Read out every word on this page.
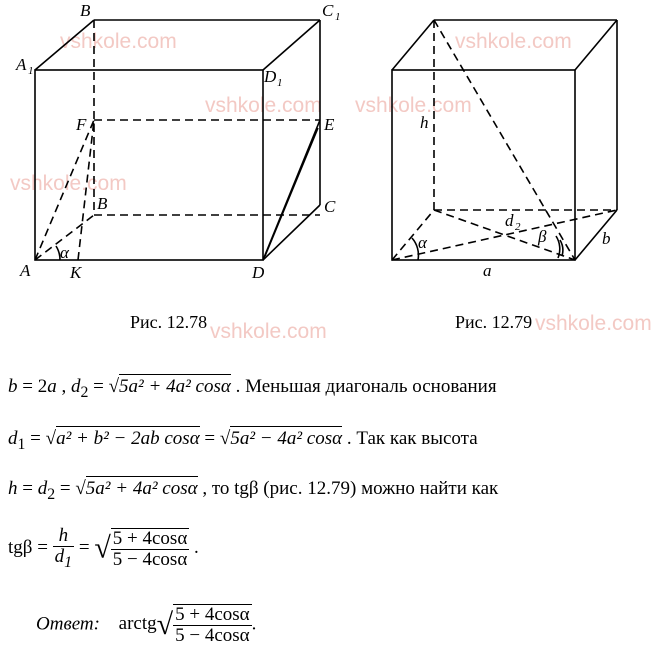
vshkole.com
vshkole.com
vshkole.com
vshkole.com
vshkole.com
vshkole.com
vshkole.com
B
A 1
C 1
D 1
F	E
B	C
A K	D
α
Рис. 12.78
h
d 2 β
α
a
b
Рис. 12.79
b = 2a , $d_2 = √5a^2 + 4a^2$ cosα . Меньшая диагональ основания
$d_1 = √a^2 + b^2 - 2ab$ cosα = √5a² − 4a² cosα . Так как высота
$h = d_2 = √5a^2 + 4a^2$ cosα , то tgβ (рис. 12.79) можно найти как
$tg\beta = \frac{h}{d_1}$ = √ $\frac{5 + 4\cos\alpha}{5 - 4\cos\alpha}$ .
Ответ: arctg√ $\frac{5 + 4\cos\alpha}{5 - 4\cos\alpha}$ .
